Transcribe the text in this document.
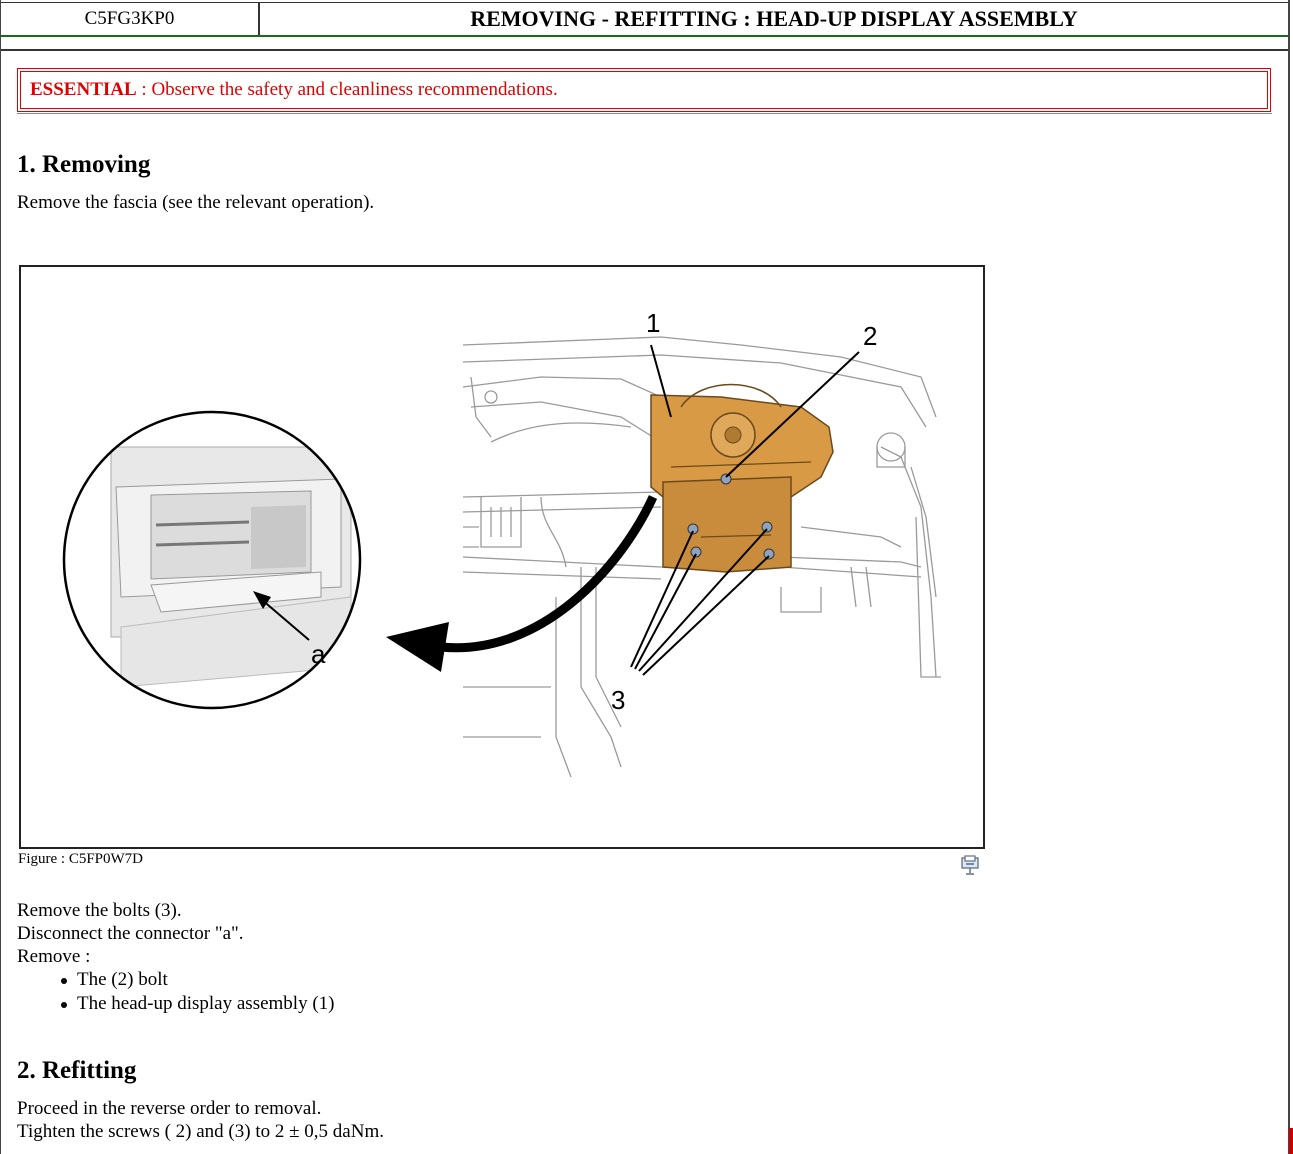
C5FG3KP0	REMOVING - REFITTING : HEAD-UP DISPLAY ASSEMBLY
ESSENTIAL : Observe the safety and cleanliness recommendations.
1. Removing
Remove the fascia (see the relevant operation).
1	2
3
a
Figure : C5FP0W7D
Remove the bolts (3).
Disconnect the connector "a".
Remove :
The (2) bolt
The head-up display assembly (1)
2. Refitting
Proceed in the reverse order to removal.
Tighten the screws ( 2) and (3) to 2 ± 0,5 daNm.
